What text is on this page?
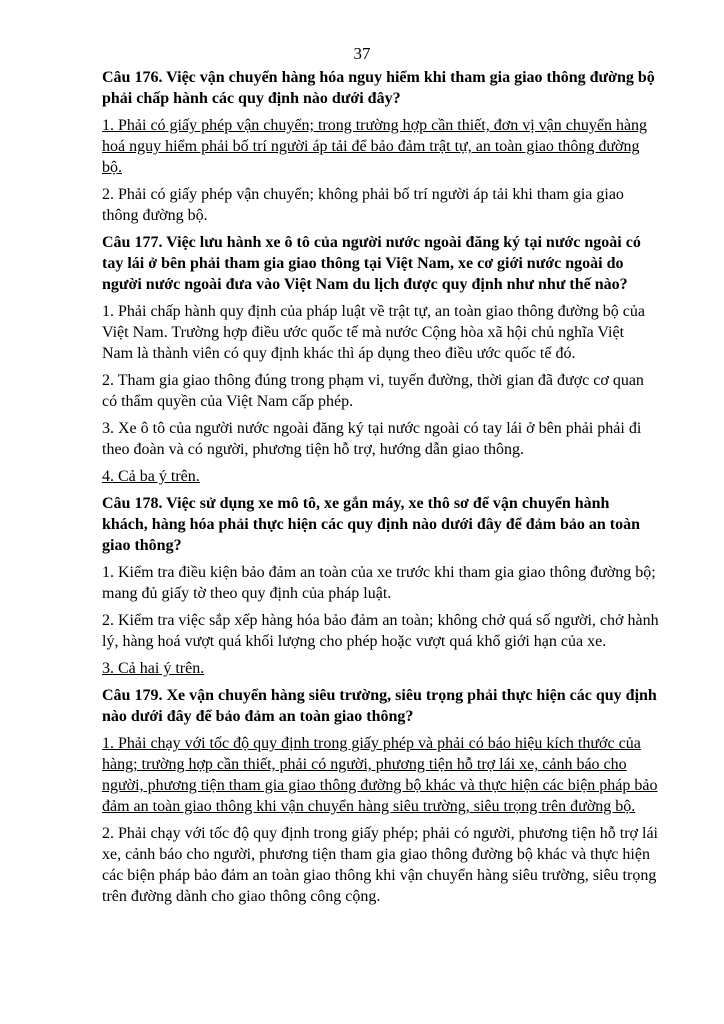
37

Câu 176. Việc vận chuyển hàng hóa nguy hiểm khi tham gia giao thông đường bộ phải chấp hành các quy định nào dưới đây?

1. Phải có giấy phép vận chuyển; trong trường hợp cần thiết, đơn vị vận chuyển hàng hoá nguy hiểm phải bố trí người áp tải để bảo đảm trật tự, an toàn giao thông đường bộ.

2. Phải có giấy phép vận chuyển; không phải bố trí người áp tải khi tham gia giao thông đường bộ.

Câu 177. Việc lưu hành xe ô tô của người nước ngoài đăng ký tại nước ngoài có tay lái ở bên phải tham gia giao thông tại Việt Nam, xe cơ giới nước ngoài do người nước ngoài đưa vào Việt Nam du lịch được quy định như như thế nào?

1. Phải chấp hành quy định của pháp luật về trật tự, an toàn giao thông đường bộ của Việt Nam. Trường hợp điều ước quốc tế mà nước Cộng hòa xã hội chủ nghĩa Việt Nam là thành viên có quy định khác thì áp dụng theo điều ước quốc tế đó.

2. Tham gia giao thông đúng trong phạm vi, tuyến đường, thời gian đã được cơ quan có thẩm quyền của Việt Nam cấp phép.

3. Xe ô tô của người nước ngoài đăng ký tại nước ngoài có tay lái ở bên phải phải đi theo đoàn và có người, phương tiện hỗ trợ, hướng dẫn giao thông.

4. Cả ba ý trên.

Câu 178. Việc sử dụng xe mô tô, xe gắn máy, xe thô sơ để vận chuyển hành khách, hàng hóa phải thực hiện các quy định nào dưới đây để đảm bảo an toàn giao thông?

1. Kiểm tra điều kiện bảo đảm an toàn của xe trước khi tham gia giao thông đường bộ; mang đủ giấy tờ theo quy định của pháp luật.

2. Kiểm tra việc sắp xếp hàng hóa bảo đảm an toàn; không chở quá số người, chở hành lý, hàng hoá vượt quá khối lượng cho phép hoặc vượt quá khổ giới hạn của xe.

3. Cả hai ý trên.

Câu 179. Xe vận chuyển hàng siêu trường, siêu trọng phải thực hiện các quy định nào dưới đây để bảo đảm an toàn giao thông?

1. Phải chạy với tốc độ quy định trong giấy phép và phải có báo hiệu kích thước của hàng; trường hợp cần thiết, phải có người, phương tiện hỗ trợ lái xe, cảnh báo cho người, phương tiện tham gia giao thông đường bộ khác và thực hiện các biện pháp bảo đảm an toàn giao thông khi vận chuyển hàng siêu trường, siêu trọng trên đường bộ.

2. Phải chạy với tốc độ quy định trong giấy phép; phải có người, phương tiện hỗ trợ lái xe, cảnh báo cho người, phương tiện tham gia giao thông đường bộ khác và thực hiện các biện pháp bảo đảm an toàn giao thông khi vận chuyển hàng siêu trường, siêu trọng trên đường dành cho giao thông công cộng.
